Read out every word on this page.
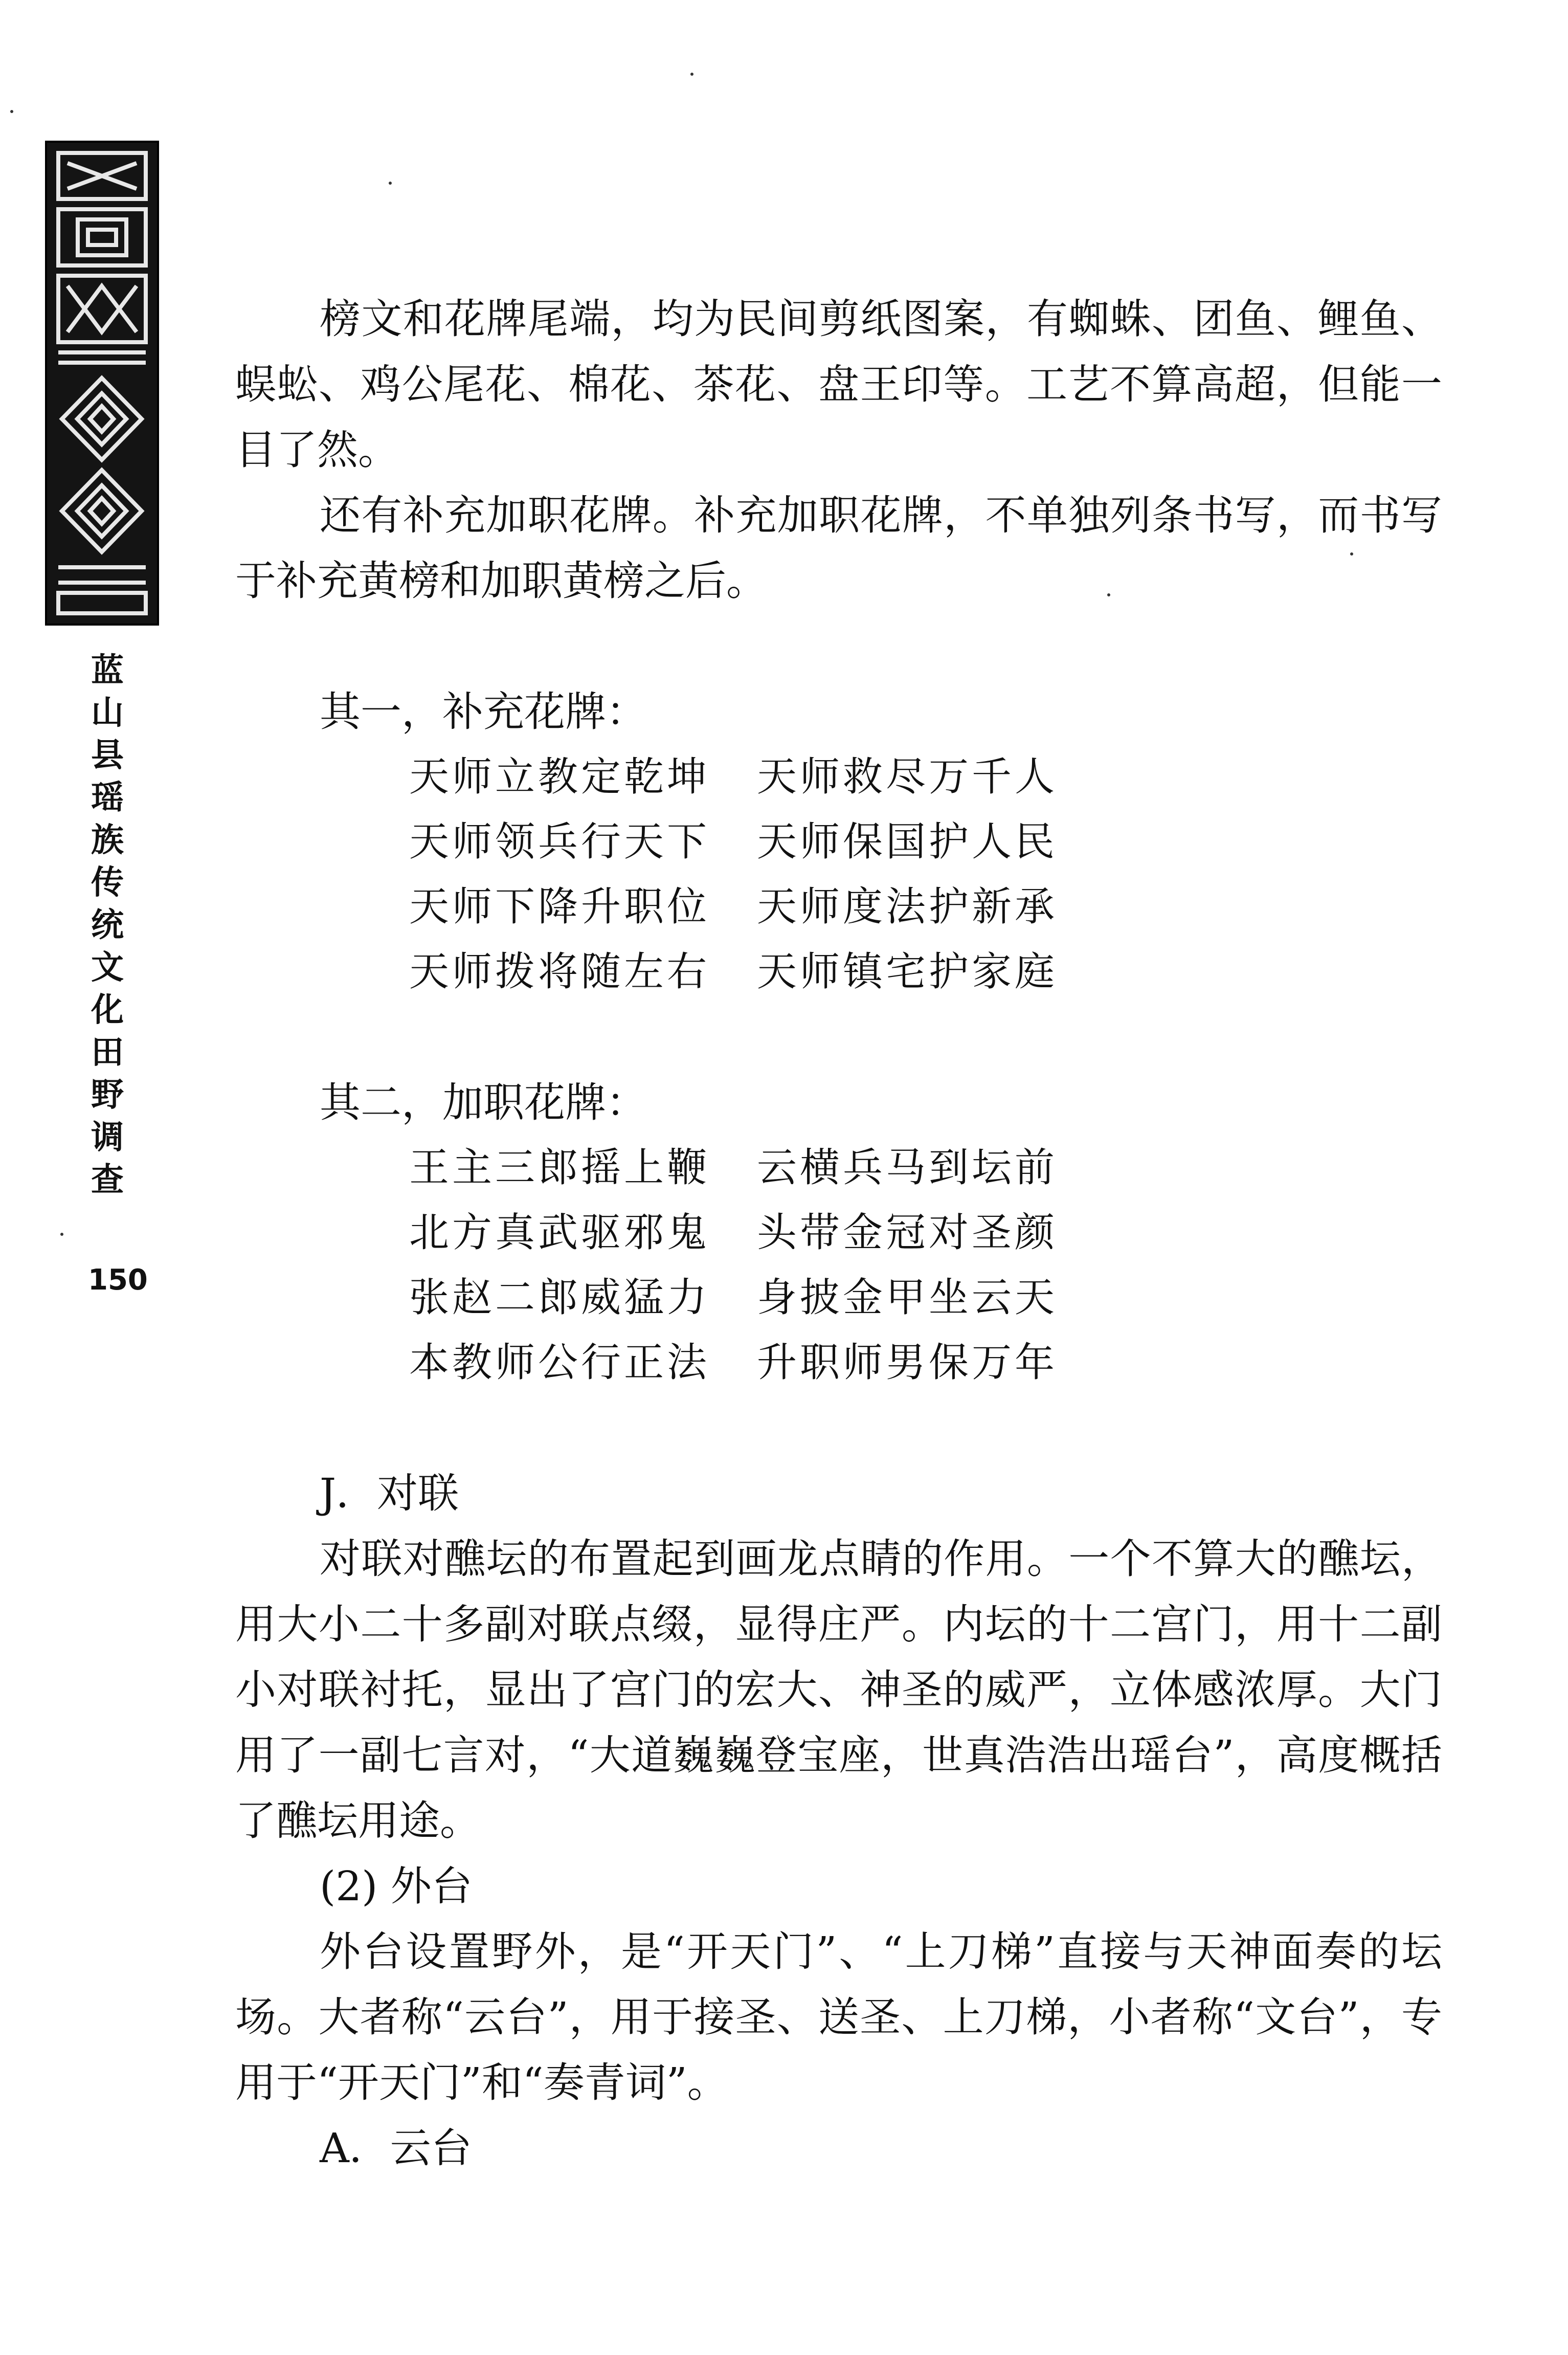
蓝
山
县
瑶
族
传
统
文
化
田
野
调
查
150

榜文和花牌尾端，均为民间剪纸图案，有蜘蛛、团鱼、鲤鱼、蜈蚣、鸡公尾花、棉花、茶花、盘王印等。工艺不算高超，但能一目了然。

还有补充加职花牌。补充加职花牌，不单独列条书写，而书写于补充黄榜和加职黄榜之后。

其一，补充花牌：

天师立教定乾坤	天师救尽万千人
天师领兵行天下	天师保国护人民
天师下降升职位	天师度法护新承
天师拨将随左右	天师镇宅护家庭

其二，加职花牌：

王主三郎摇上鞭	云横兵马到坛前
北方真武驱邪鬼	头带金冠对圣颜
张赵二郎威猛力	身披金甲坐云天
本教师公行正法	升职师男保万年

J．对联

对联对醮坛的布置起到画龙点睛的作用。一个不算大的醮坛，用大小二十多副对联点缀，显得庄严。内坛的十二宫门，用十二副小对联衬托，显出了宫门的宏大、神圣的威严，立体感浓厚。大门用了一副七言对，“大道巍巍登宝座，世真浩浩出瑶台”，高度概括了醮坛用途。

(2) 外台

外台设置野外，是“开天门”、“上刀梯”直接与天神面奏的坛场。大者称“云台”，用于接圣、送圣、上刀梯，小者称“文台”，专用于“开天门”和“奏青词”。

A．云台
